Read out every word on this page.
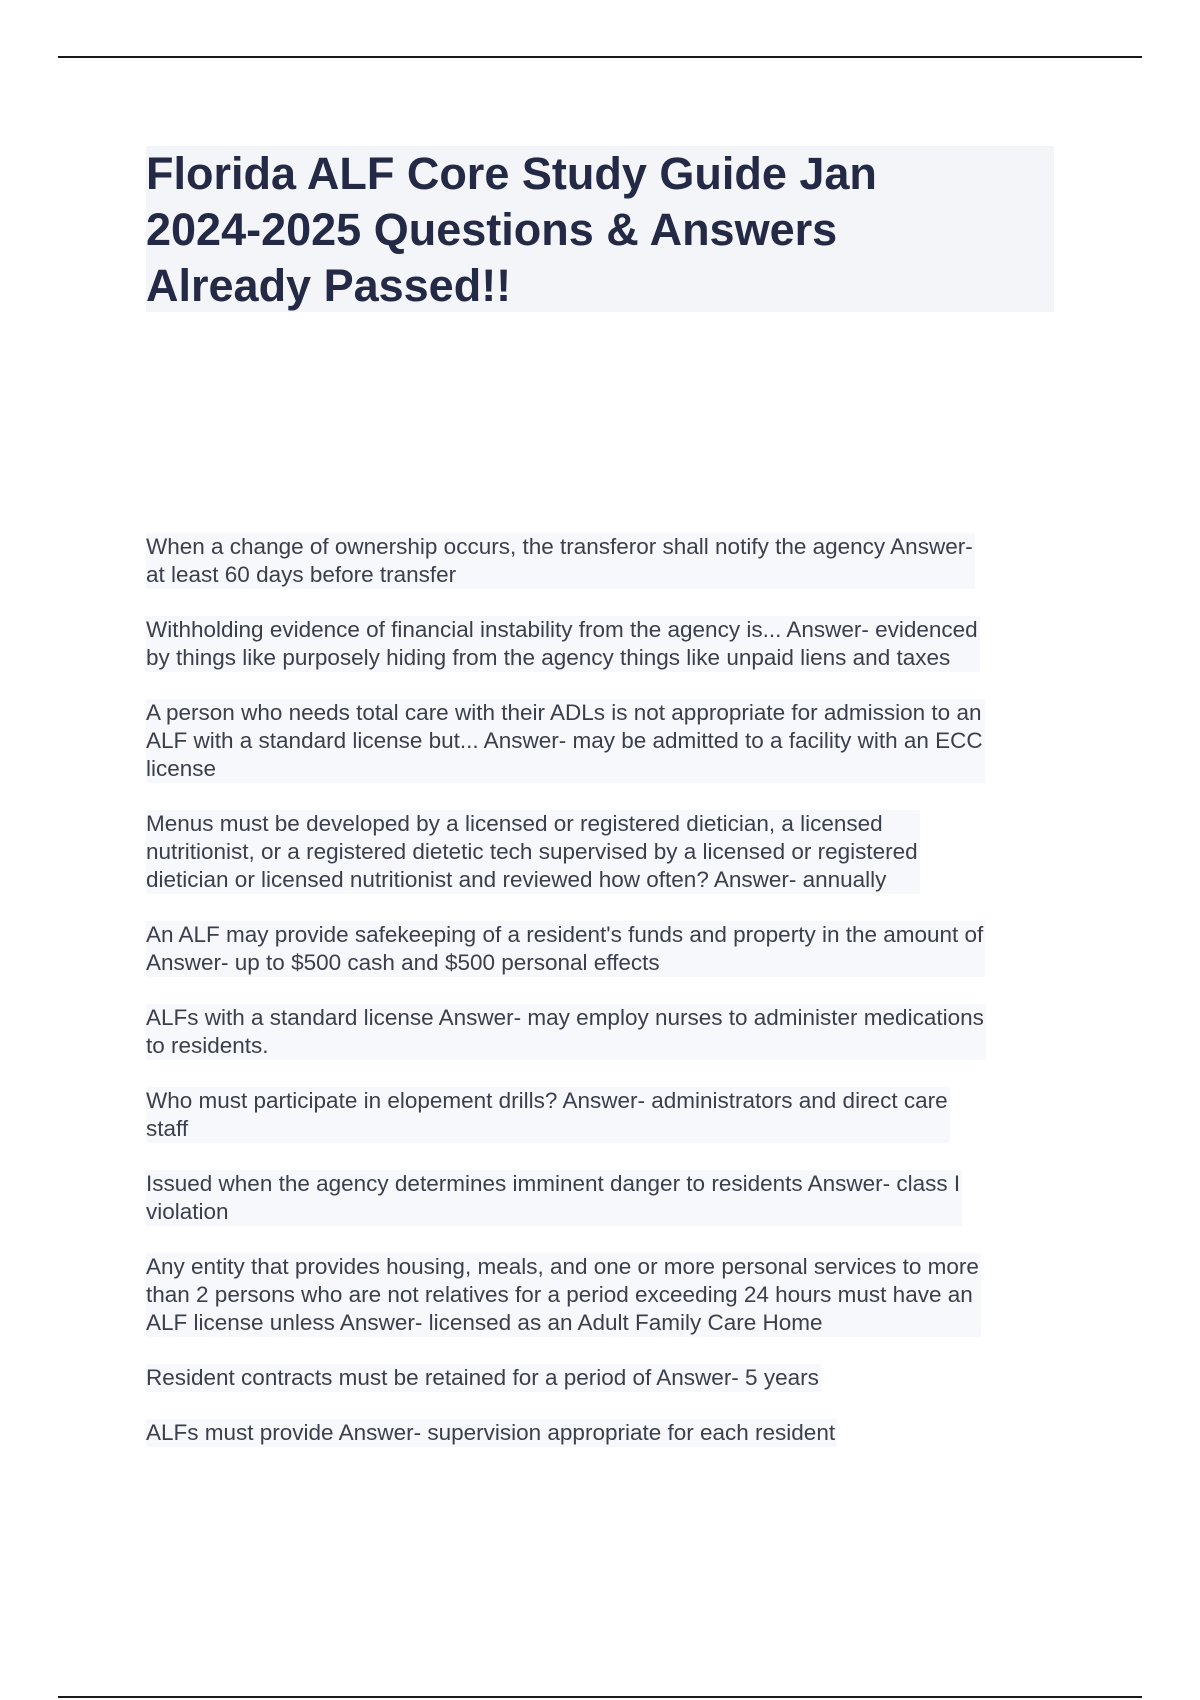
Florida ALF Core Study Guide Jan
2024-2025 Questions & Answers
Already Passed!!
When a change of ownership occurs, the transferor shall notify the agency Answer-
at least 60 days before transfer
Withholding evidence of financial instability from the agency is... Answer- evidenced
by things like purposely hiding from the agency things like unpaid liens and taxes
A person who needs total care with their ADLs is not appropriate for admission to an
ALF with a standard license but... Answer- may be admitted to a facility with an ECC
license
Menus must be developed by a licensed or registered dietician, a licensed
nutritionist, or a registered dietetic tech supervised by a licensed or registered
dietician or licensed nutritionist and reviewed how often? Answer- annually
An ALF may provide safekeeping of a resident's funds and property in the amount of
Answer- up to $500 cash and $500 personal effects
ALFs with a standard license Answer- may employ nurses to administer medications
to residents.
Who must participate in elopement drills? Answer- administrators and direct care
staff
Issued when the agency determines imminent danger to residents Answer- class I
violation
Any entity that provides housing, meals, and one or more personal services to more
than 2 persons who are not relatives for a period exceeding 24 hours must have an
ALF license unless Answer- licensed as an Adult Family Care Home
Resident contracts must be retained for a period of Answer- 5 years
ALFs must provide Answer- supervision appropriate for each resident
